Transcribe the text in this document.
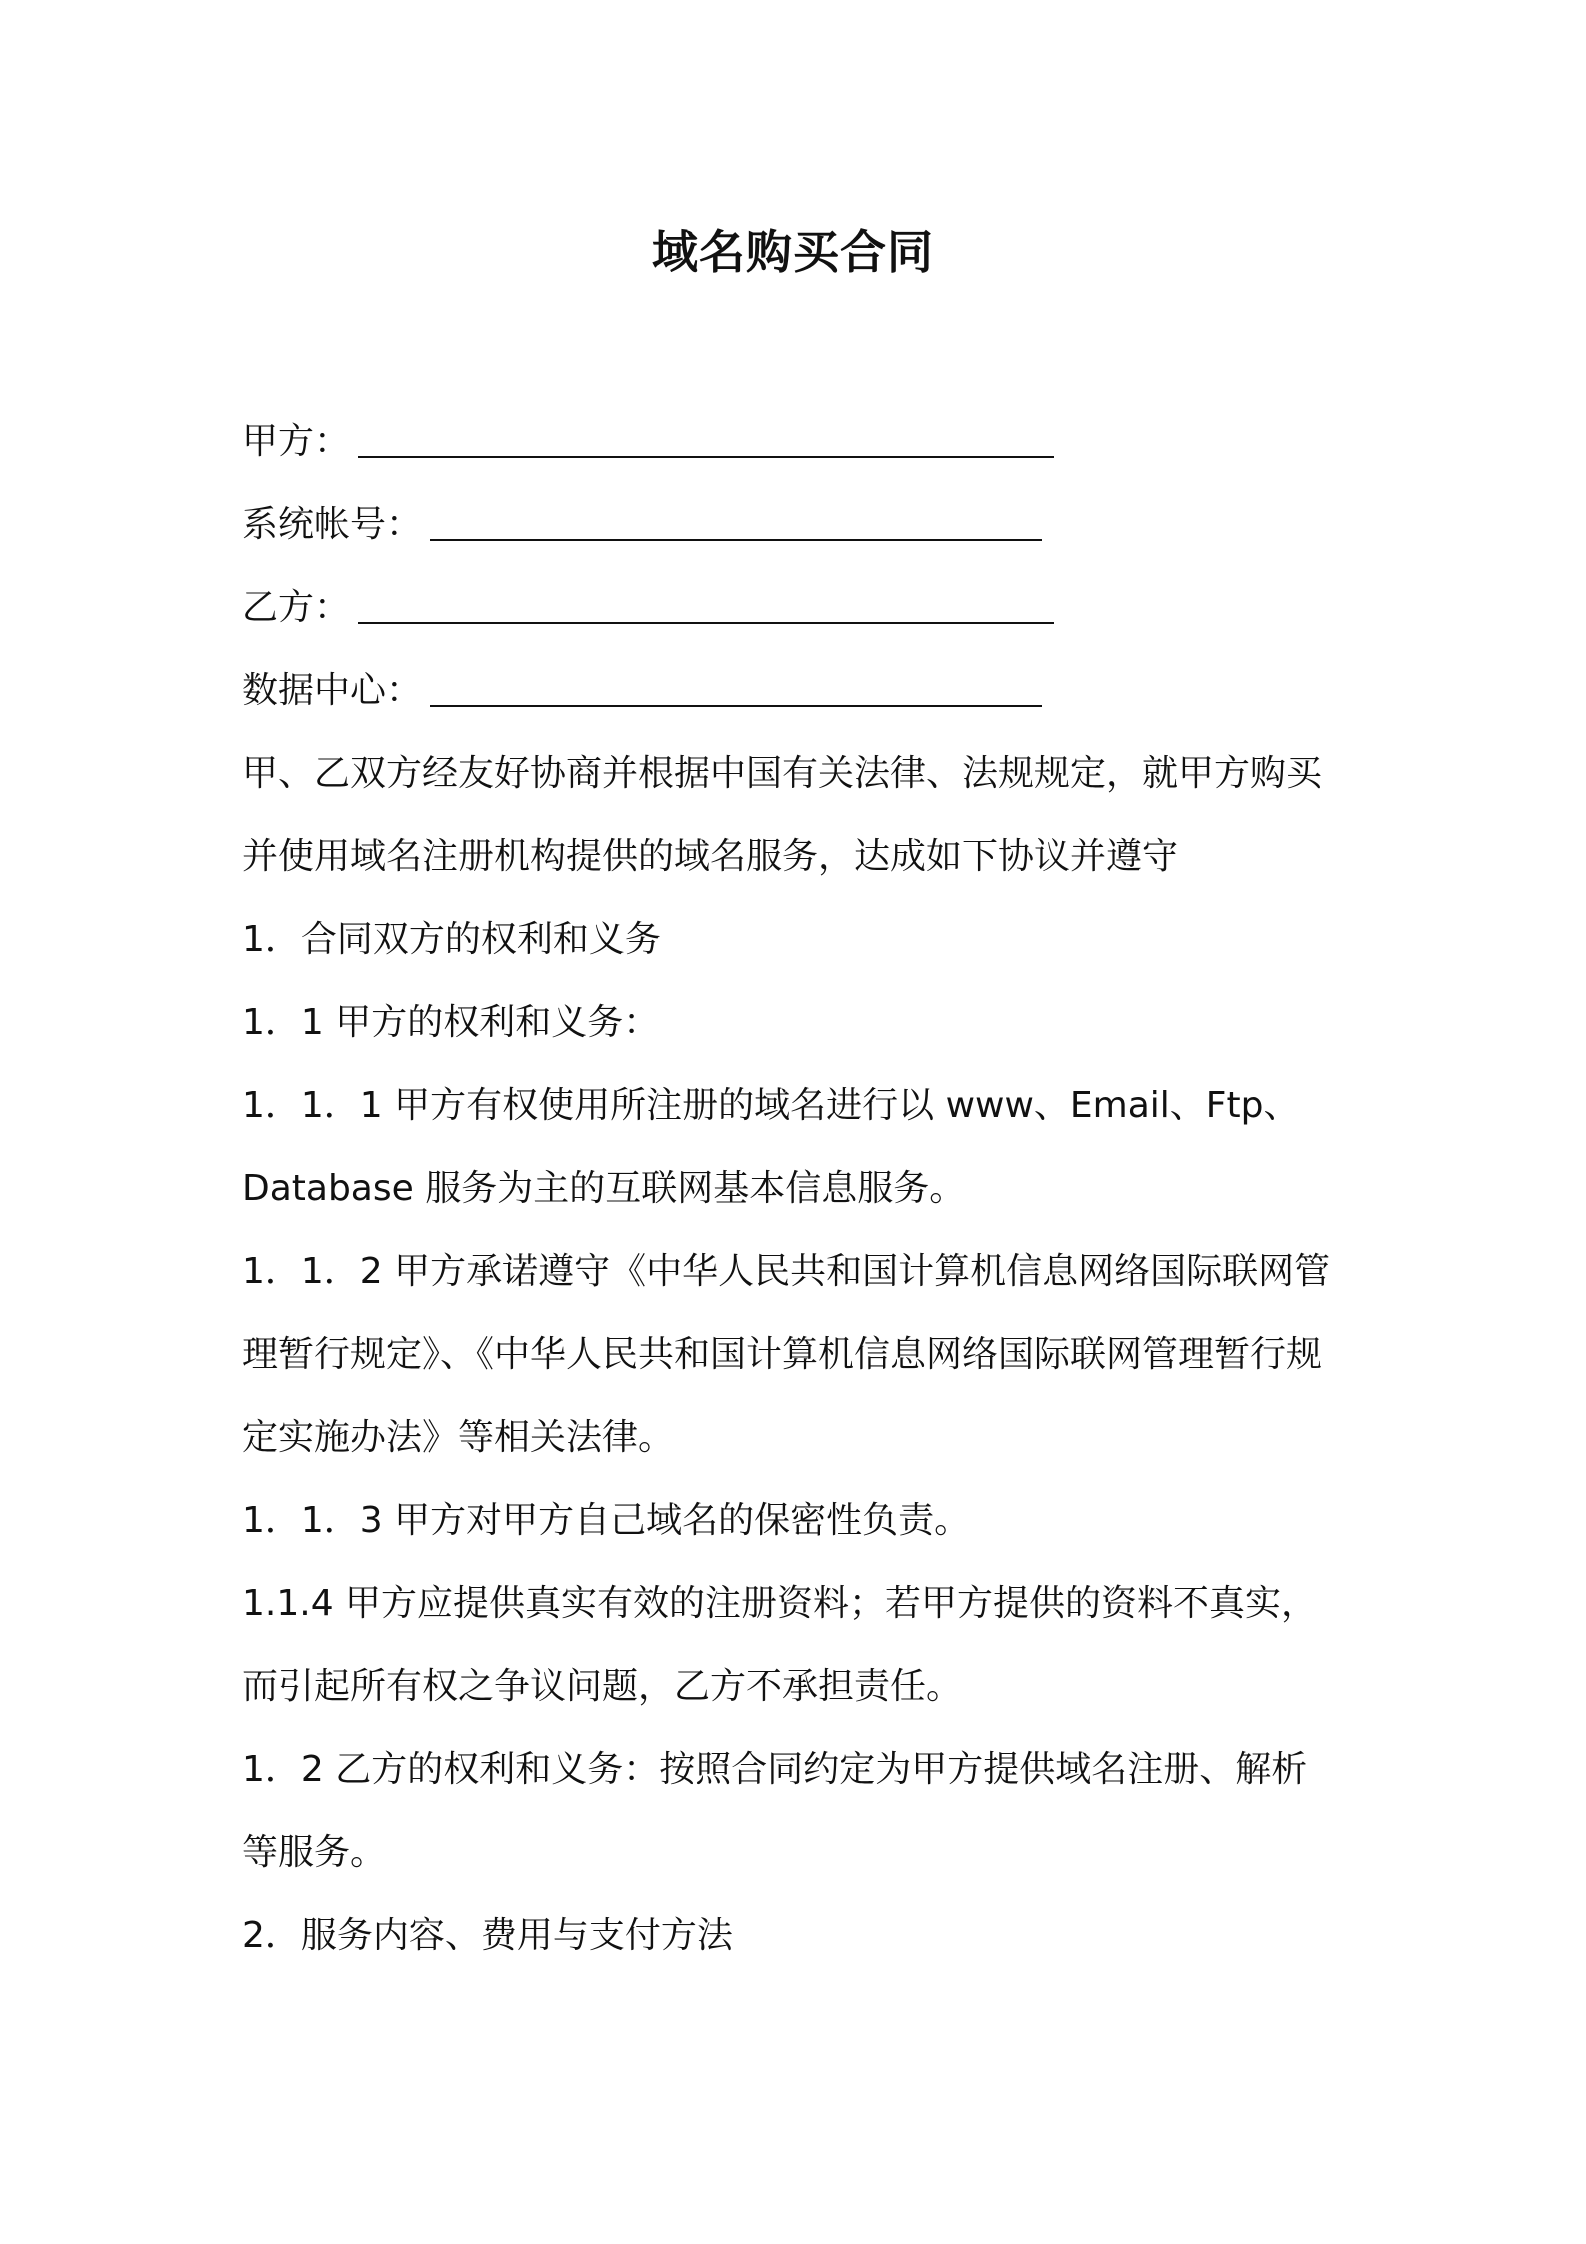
域名购买合同
甲方：
系统帐号：
乙方：
数据中心：
甲、乙双方经友好协商并根据中国有关法律、法规规定，就甲方购买
并使用域名注册机构提供的域名服务，达成如下协议并遵守
1．合同双方的权利和义务
1．1 甲方的权利和义务：
1．1．1 甲方有权使用所注册的域名进行以 www、Email、Ftp、
Database 服务为主的互联网基本信息服务。
1．1．2 甲方承诺遵守《中华人民共和国计算机信息网络国际联网管
理暂行规定》、《中华人民共和国计算机信息网络国际联网管理暂行规
定实施办法》等相关法律。
1．1．3 甲方对甲方自己域名的保密性负责。
1.1.4 甲方应提供真实有效的注册资料；若甲方提供的资料不真实，
而引起所有权之争议问题，乙方不承担责任。
1．2 乙方的权利和义务：按照合同约定为甲方提供域名注册、解析
等服务。
2．服务内容、费用与支付方法
